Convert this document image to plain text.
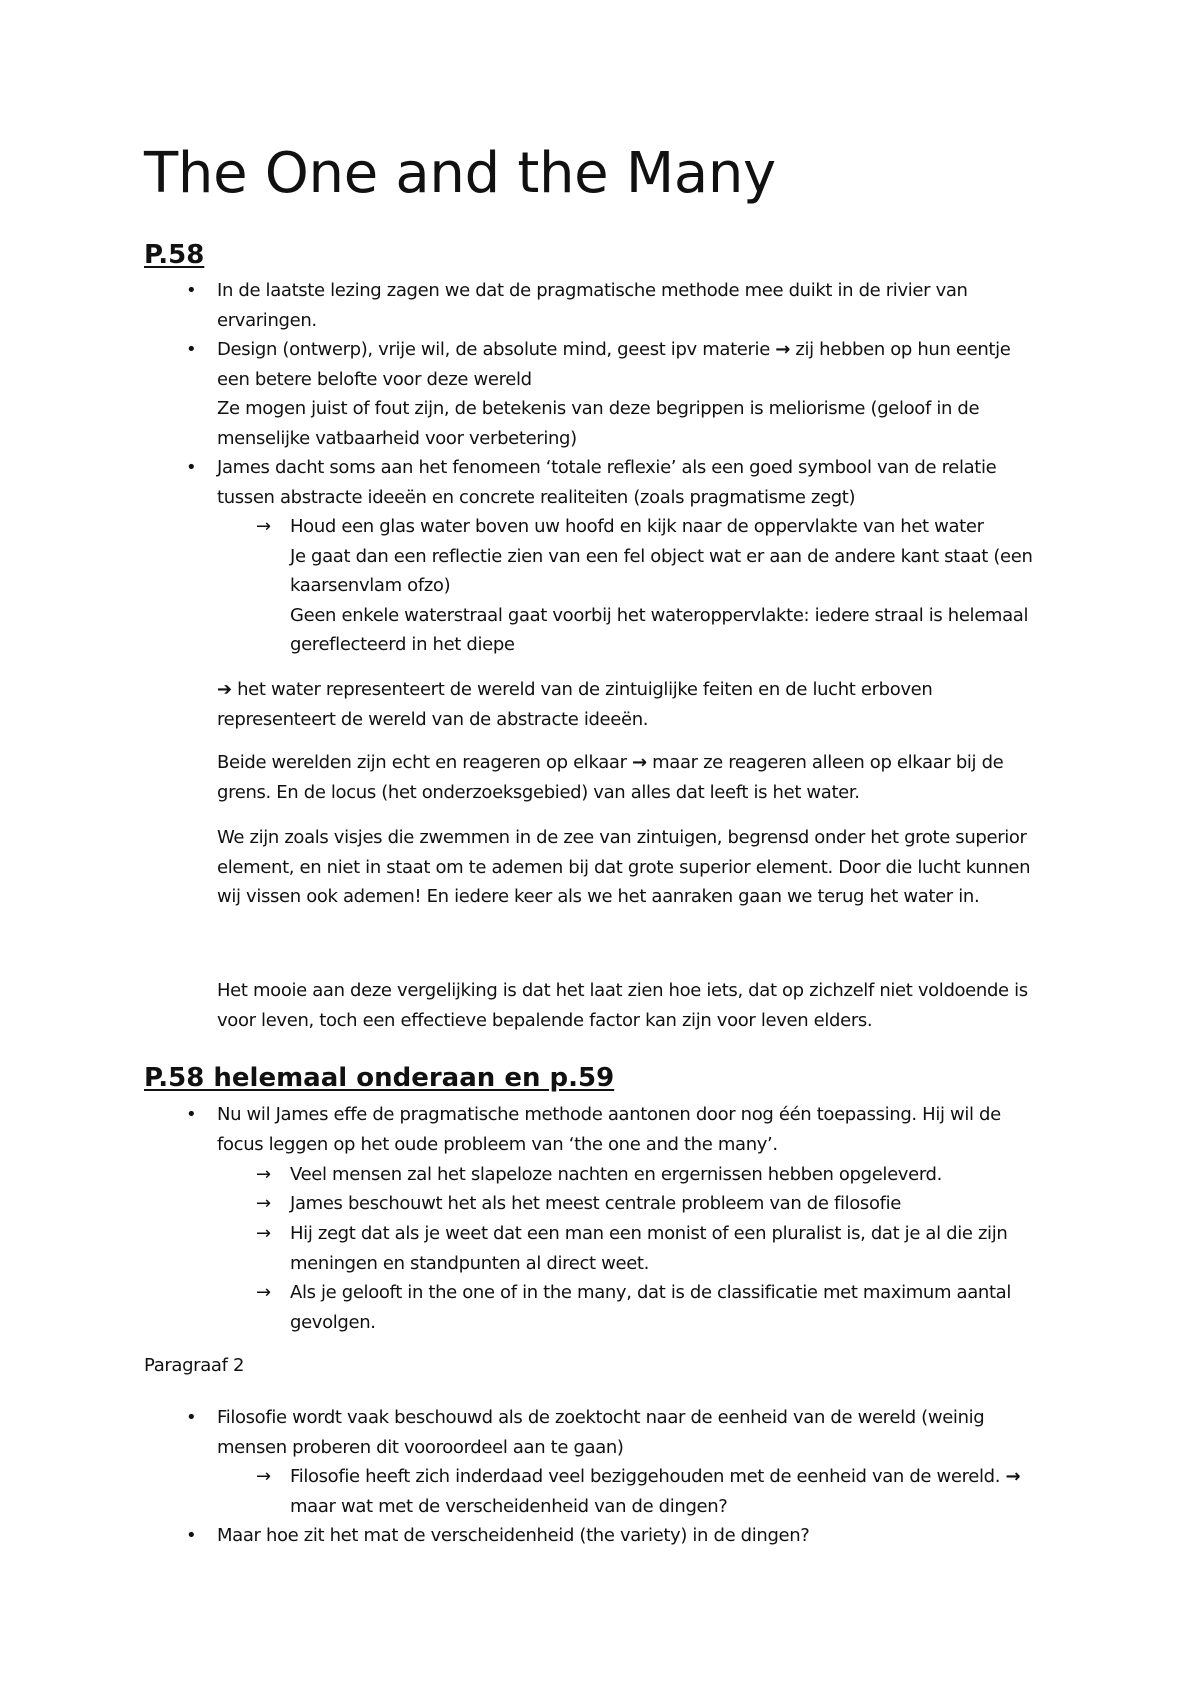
The One and the Many
P.58
•

In de laatste lezing zagen we dat de pragmatische methode mee duikt in de rivier van
ervaringen.

•

Design (ontwerp), vrije wil, de absolute mind, geest ipv materie → zij hebben op hun eentje
een betere belofte voor deze wereld
Ze mogen juist of fout zijn, de betekenis van deze begrippen is meliorisme (geloof in de
menselijke vatbaarheid voor verbetering)

•

James dacht soms aan het fenomeen ‘totale reflexie’ als een goed symbool van de relatie
tussen abstracte ideeën en concrete realiteiten (zoals pragmatisme zegt)

→	Houd een glas water boven uw hoofd en kijk naar de oppervlakte van het water
Je gaat dan een reflectie zien van een fel object wat er aan de andere kant staat (een
kaarsenvlam ofzo)
Geen enkele waterstraal gaat voorbij het wateroppervlakte: iedere straal is helemaal
gereflecteerd in het diepe

➔ het water representeert de wereld van de zintuiglijke feiten en de lucht erboven
representeert de wereld van de abstracte ideeën.

Beide werelden zijn echt en reageren op elkaar → maar ze reageren alleen op elkaar bij de
grens. En de locus (het onderzoeksgebied) van alles dat leeft is het water.

We zijn zoals visjes die zwemmen in de zee van zintuigen, begrensd onder het grote superior
element, en niet in staat om te ademen bij dat grote superior element. Door die lucht kunnen
wij vissen ook ademen! En iedere keer als we het aanraken gaan we terug het water in.

Het mooie aan deze vergelijking is dat het laat zien hoe iets, dat op zichzelf niet voldoende is
voor leven, toch een effectieve bepalende factor kan zijn voor leven elders.

P.58 helemaal onderaan en p.59
•

Nu wil James effe de pragmatische methode aantonen door nog één toepassing. Hij wil de
focus leggen op het oude probleem van ‘the one and the many’.

→	Veel mensen zal het slapeloze nachten en ergernissen hebben opgeleverd.

→	James beschouwt het als het meest centrale probleem van de filosofie

→	Hij zegt dat als je weet dat een man een monist of een pluralist is, dat je al die zijn
meningen en standpunten al direct weet.

→	Als je gelooft in the one of in the many, dat is de classificatie met maximum aantal
gevolgen.

Paragraaf 2

•

Filosofie wordt vaak beschouwd als de zoektocht naar de eenheid van de wereld (weinig
mensen proberen dit vooroordeel aan te gaan)

→	Filosofie heeft zich inderdaad veel beziggehouden met de eenheid van de wereld. →
maar wat met de verscheidenheid van de dingen?

•

Maar hoe zit het mat de verscheidenheid (the variety) in de dingen?
